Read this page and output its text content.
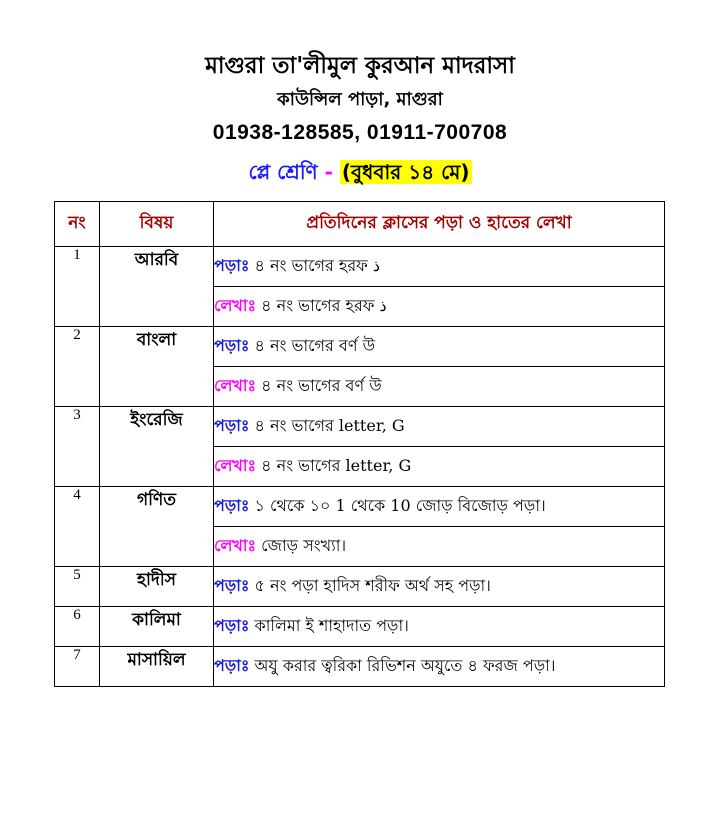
মাগুরা তা'লীমুল কুরআন মাদরাসা
কাউন্সিল পাড়া, মাগুরা
01938-128585, 01911-700708
প্লে শ্রেণি - (বুধবার ১৪ মে)
নং	বিষয়	প্রতিদিনের ক্লাসের পড়া ও হাতের লেখা
1	আরবি	পড়াঃ ৪ নং ভাগের হরফ ذ
		লেখাঃ ৪ নং ভাগের হরফ ذ
2	বাংলা	পড়াঃ ৪ নং ভাগের বর্ণ উ
		লেখাঃ ৪ নং ভাগের বর্ণ উ
3	ইংরেজি	পড়াঃ ৪ নং ভাগের letter, G
		লেখাঃ ৪ নং ভাগের letter, G
4	গণিত	পড়াঃ ১ থেকে ১০ 1 থেকে 10 জোড় বিজোড় পড়া।
		লেখাঃ জোড় সংখ্যা।
5	হাদীস	পড়াঃ ৫ নং পড়া হাদিস শরীফ অর্থ সহ পড়া।
6	কালিমা	পড়াঃ কালিমা ই শাহাদাত পড়া।
7	মাসায়িল	পড়াঃ অযু করার ত্বরিকা রিভিশন অযুতে ৪ ফরজ পড়া।
